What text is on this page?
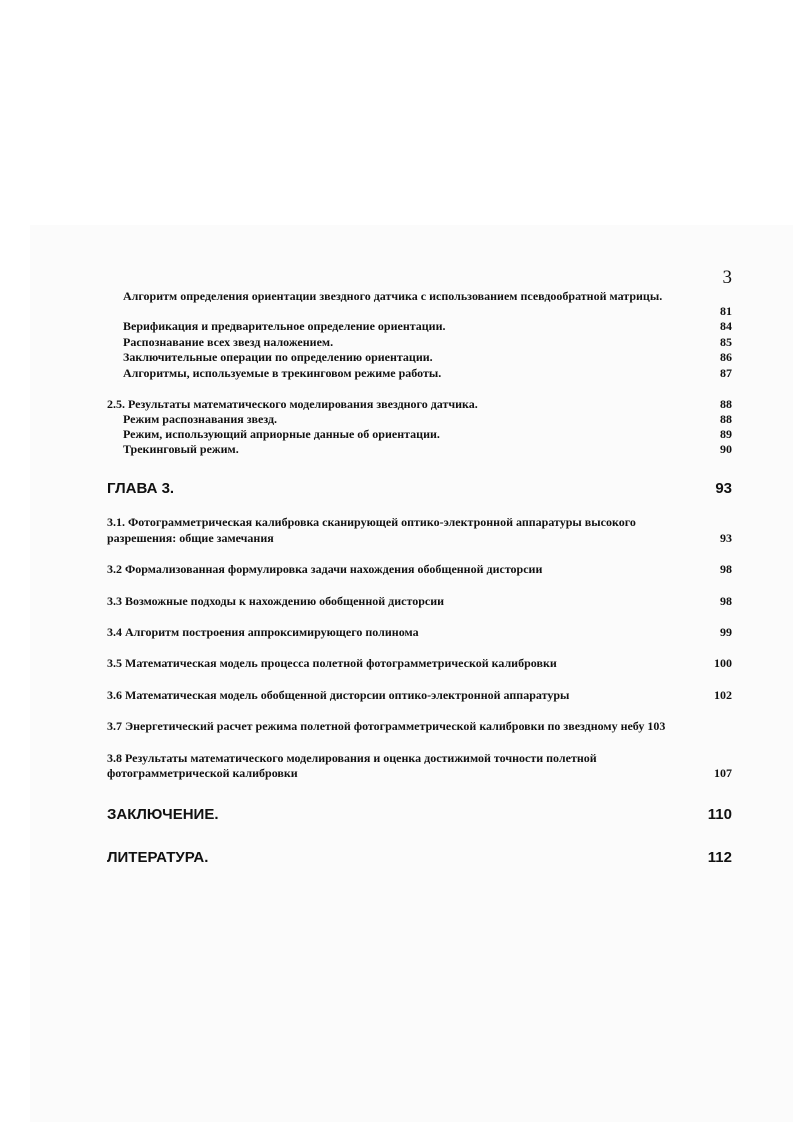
3
Алгоритм определения ориентации звездного датчика с использованием псевдообратной матрицы.
81
Верификация и предварительное определение ориентации.	84
Распознавание всех звезд наложением.	85
Заключительные операции по определению ориентации.	86
Алгоритмы, используемые в трекинговом режиме работы.	87
2.5. Результаты математического моделирования звездного датчика.	88
Режим распознавания звезд.	88
Режим, использующий априорные данные об ориентации.	89
Трекинговый режим.	90
ГЛАВА 3.	93
3.1. Фотограмметрическая калибровка сканирующей оптико-электронной аппаратуры высокого
разрешения: общие замечания	93
3.2 Формализованная формулировка задачи нахождения обобщенной дисторсии	98
3.3 Возможные подходы к нахождению обобщенной дисторсии	98
3.4 Алгоритм построения аппроксимирующего полинома	99
3.5 Математическая модель процесса полетной фотограмметрической калибровки	100
3.6 Математическая модель обобщенной дисторсии оптико-электронной аппаратуры	102
3.7 Энергетический расчет режима полетной фотограмметрической калибровки по звездному небу 103
3.8 Результаты математического моделирования и оценка достижимой точности полетной
фотограмметрической калибровки	107
ЗАКЛЮЧЕНИЕ.	110
ЛИТЕРАТУРА.	112
